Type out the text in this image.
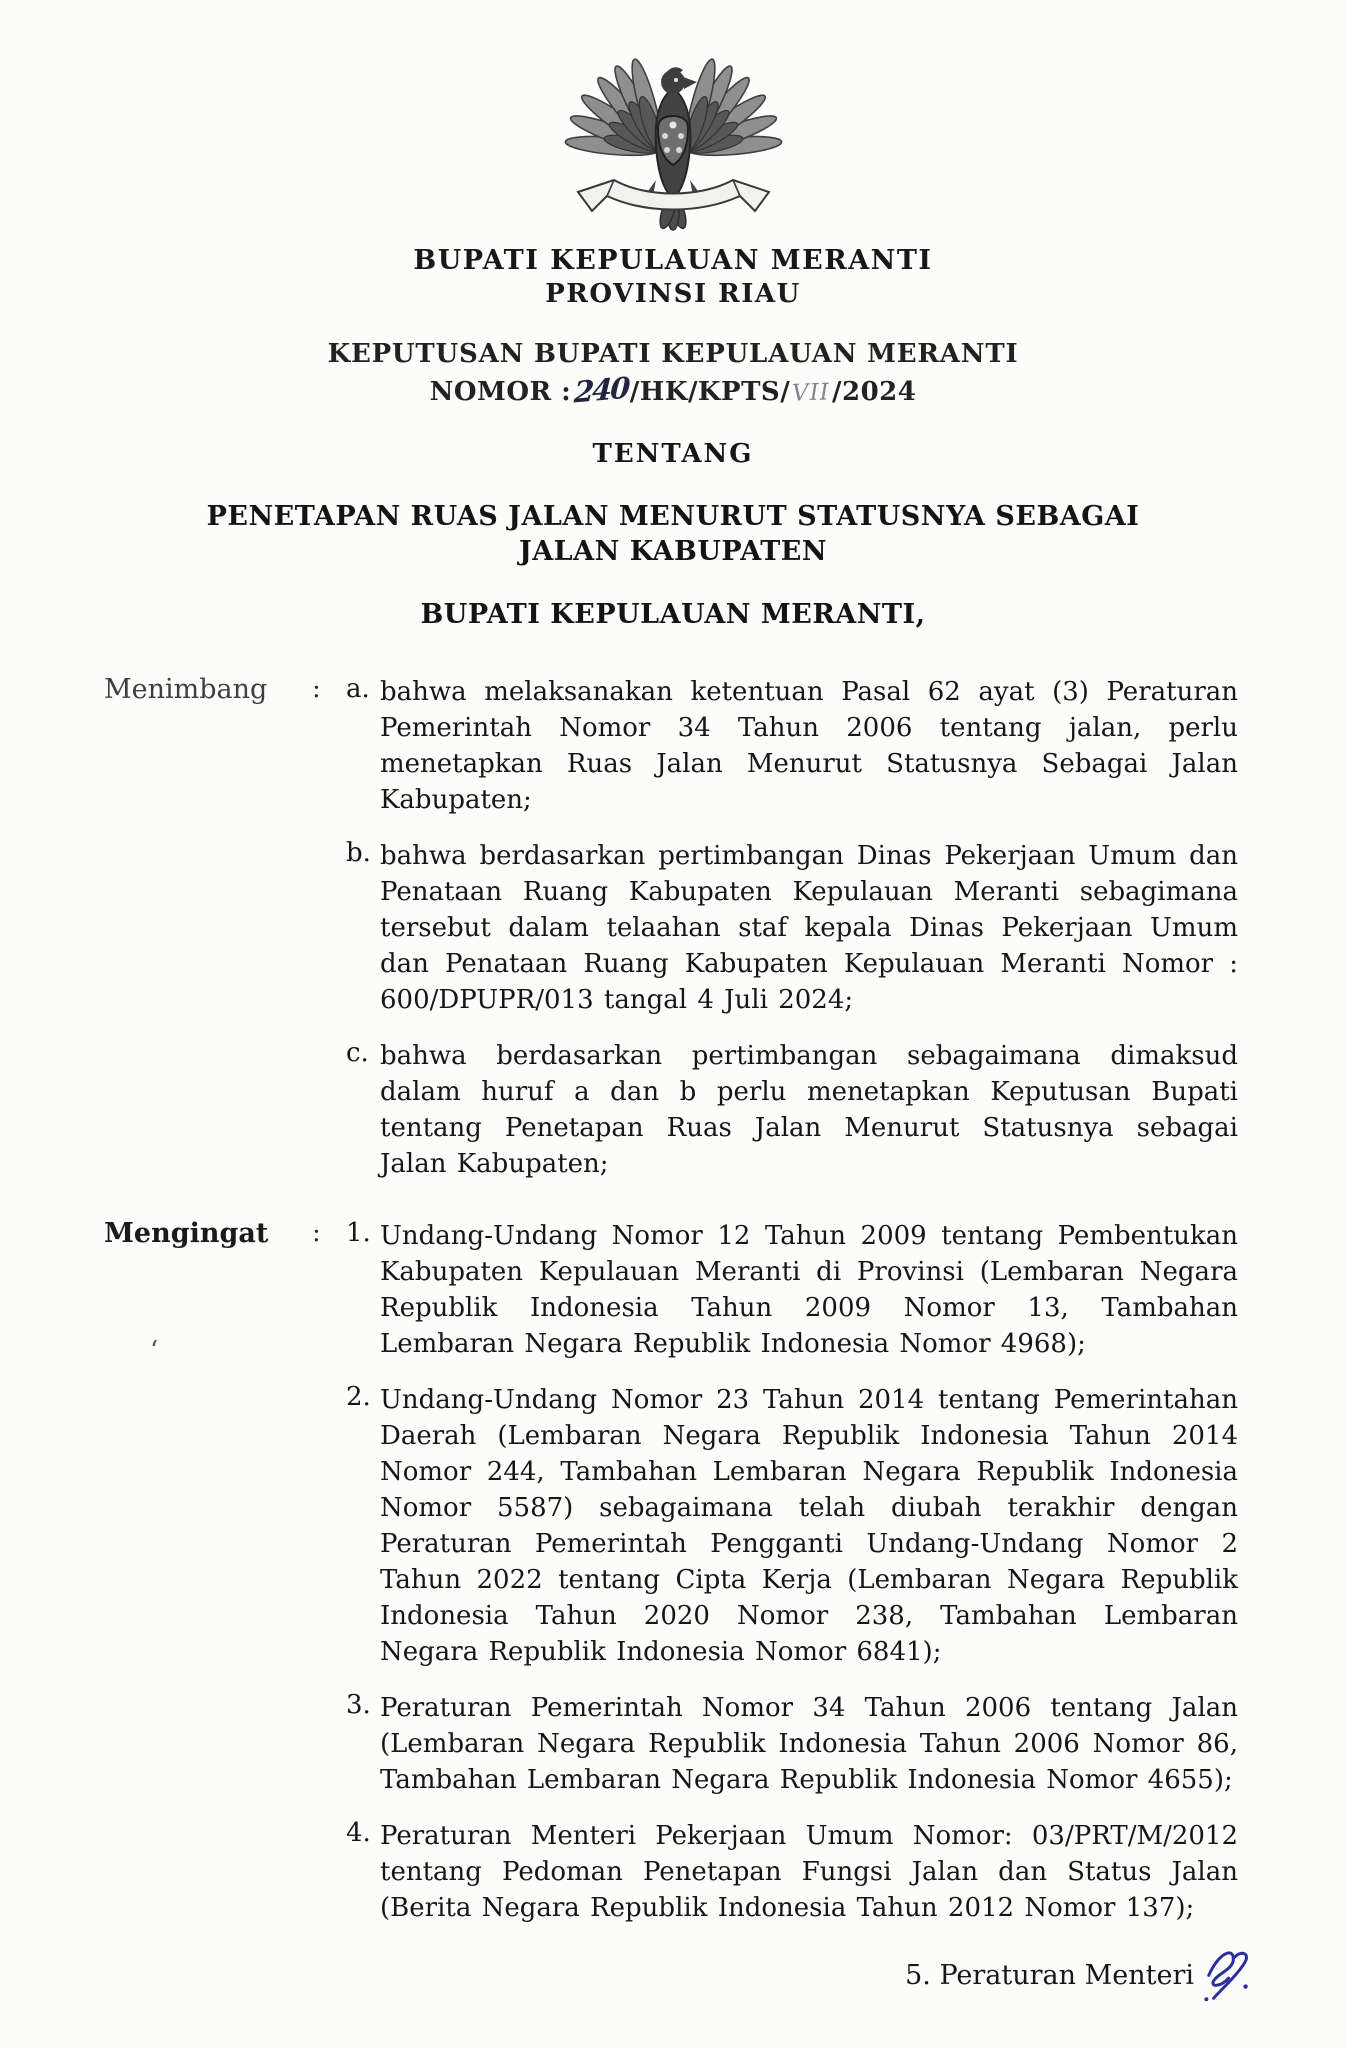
BUPATI KEPULAUAN MERANTI
PROVINSI RIAU
KEPUTUSAN BUPATI KEPULAUAN MERANTI
NOMOR :240/HK/KPTS/VII/2024
TENTANG
PENETAPAN RUAS JALAN MENURUT STATUSNYA SEBAGAI
JALAN KABUPATEN
BUPATI KEPULAUAN MERANTI,
Menimbang	: a. bahwa melaksanakan ketentuan Pasal 62 ayat (3) Peraturan Pemerintah Nomor 34 Tahun 2006 tentang jalan, perlu menetapkan Ruas Jalan Menurut Statusnya Sebagai Jalan Kabupaten;
b. bahwa berdasarkan pertimbangan Dinas Pekerjaan Umum dan Penataan Ruang Kabupaten Kepulauan Meranti sebagimana tersebut dalam telaahan staf kepala Dinas Pekerjaan Umum dan Penataan Ruang Kabupaten Kepulauan Meranti Nomor : 600/DPUPR/013 tangal 4 Juli 2024;
c. bahwa berdasarkan pertimbangan sebagaimana dimaksud dalam huruf a dan b perlu menetapkan Keputusan Bupati tentang Penetapan Ruas Jalan Menurut Statusnya sebagai Jalan Kabupaten;
Mengingat	: 1. Undang-Undang Nomor 12 Tahun 2009 tentang Pembentukan Kabupaten Kepulauan Meranti di Provinsi (Lembaran Negara Republik Indonesia Tahun 2009 Nomor 13, Tambahan Lembaran Negara Republik Indonesia Nomor 4968);
2. Undang-Undang Nomor 23 Tahun 2014 tentang Pemerintahan Daerah (Lembaran Negara Republik Indonesia Tahun 2014 Nomor 244, Tambahan Lembaran Negara Republik Indonesia Nomor 5587) sebagaimana telah diubah terakhir dengan Peraturan Pemerintah Pengganti Undang-Undang Nomor 2 Tahun 2022 tentang Cipta Kerja (Lembaran Negara Republik Indonesia Tahun 2020 Nomor 238, Tambahan Lembaran Negara Republik Indonesia Nomor 6841);
3. Peraturan Pemerintah Nomor 34 Tahun 2006 tentang Jalan (Lembaran Negara Republik Indonesia Tahun 2006 Nomor 86, Tambahan Lembaran Negara Republik Indonesia Nomor 4655);
4. Peraturan Menteri Pekerjaan Umum Nomor: 03/PRT/M/2012 tentang Pedoman Penetapan Fungsi Jalan dan Status Jalan (Berita Negara Republik Indonesia Tahun 2012 Nomor 137);
‘
5. Peraturan Menteri
